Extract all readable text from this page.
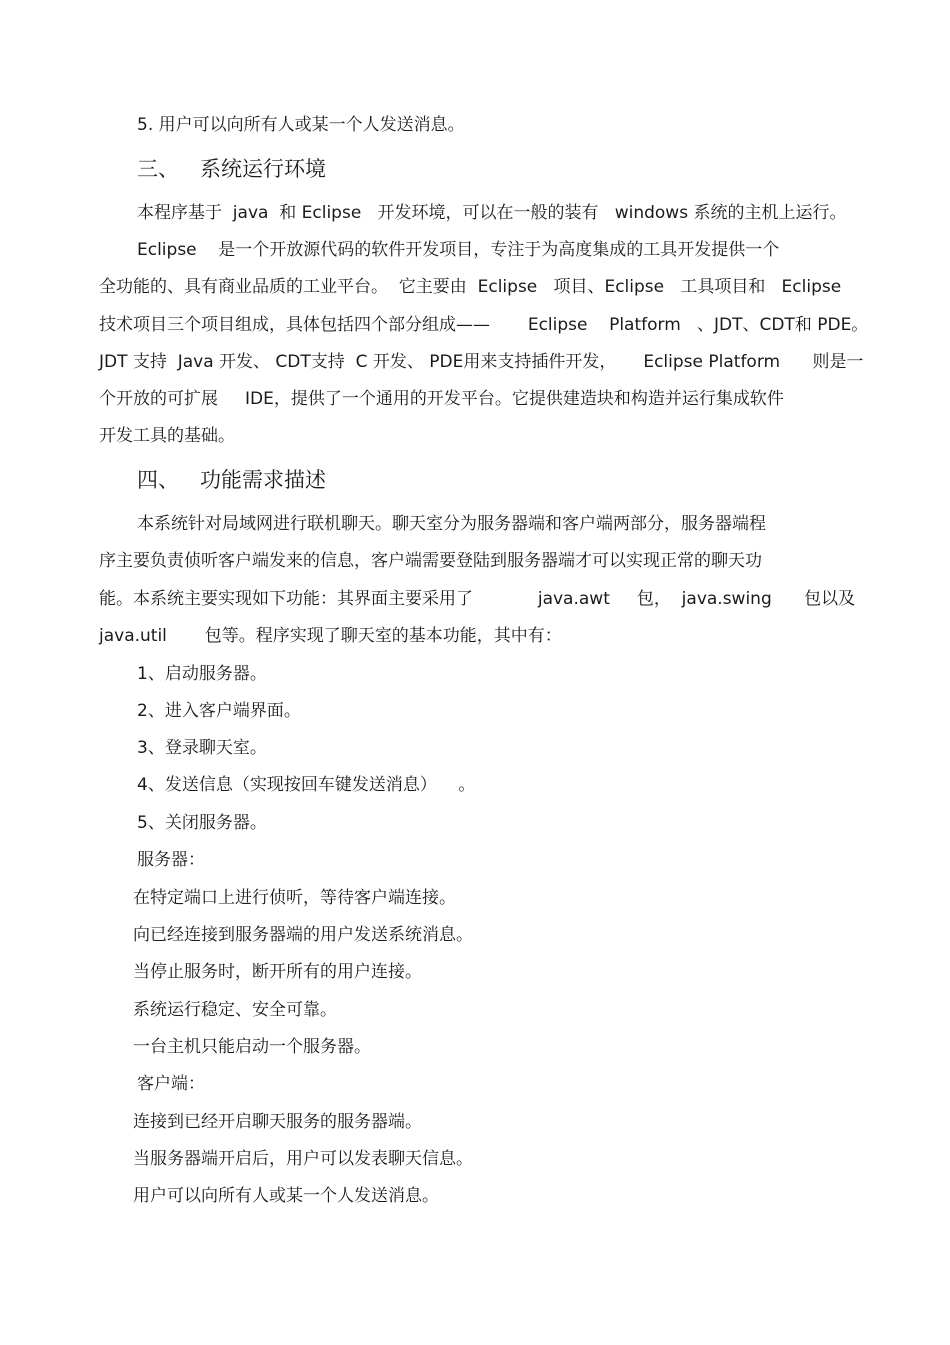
5. 用户可以向所有人或某一个人发送消息。
三、 系统运行环境
本程序基于  java  和 Eclipse   开发环境，可以在一般的装有   windows 系统的主机上运行。
Eclipse    是一个开放源代码的软件开发项目，专注于为高度集成的工具开发提供一个
全功能的、具有商业品质的工业平台。  它主要由  Eclipse   项目、Eclipse   工具项目和   Eclipse
技术项目三个项目组成，具体包括四个部分组成——       Eclipse    Platform   、JDT、CDT和 PDE。
JDT 支持  Java 开发、 CDT支持  C 开发、 PDE用来支持插件开发，     Eclipse Platform      则是一
个开放的可扩展     IDE，提供了一个通用的开发平台。它提供建造块和构造并运行集成软件
开发工具的基础。
四、 功能需求描述
本系统针对局域网进行联机聊天。聊天室分为服务器端和客户端两部分，服务器端程
序主要负责侦听客户端发来的信息，客户端需要登陆到服务器端才可以实现正常的聊天功
能。本系统主要实现如下功能：其界面主要采用了            java.awt     包，  java.swing      包以及
java.util       包等。程序实现了聊天室的基本功能，其中有：
1、启动服务器。
2、进入客户端界面。
3、登录聊天室。
4、发送信息（实现按回车键发送消息）    。
5、关闭服务器。
服务器：
在特定端口上进行侦听，等待客户端连接。
向已经连接到服务器端的用户发送系统消息。
当停止服务时，断开所有的用户连接。
系统运行稳定、安全可靠。
一台主机只能启动一个服务器。
客户端：
连接到已经开启聊天服务的服务器端。
当服务器端开启后，用户可以发表聊天信息。
用户可以向所有人或某一个人发送消息。
